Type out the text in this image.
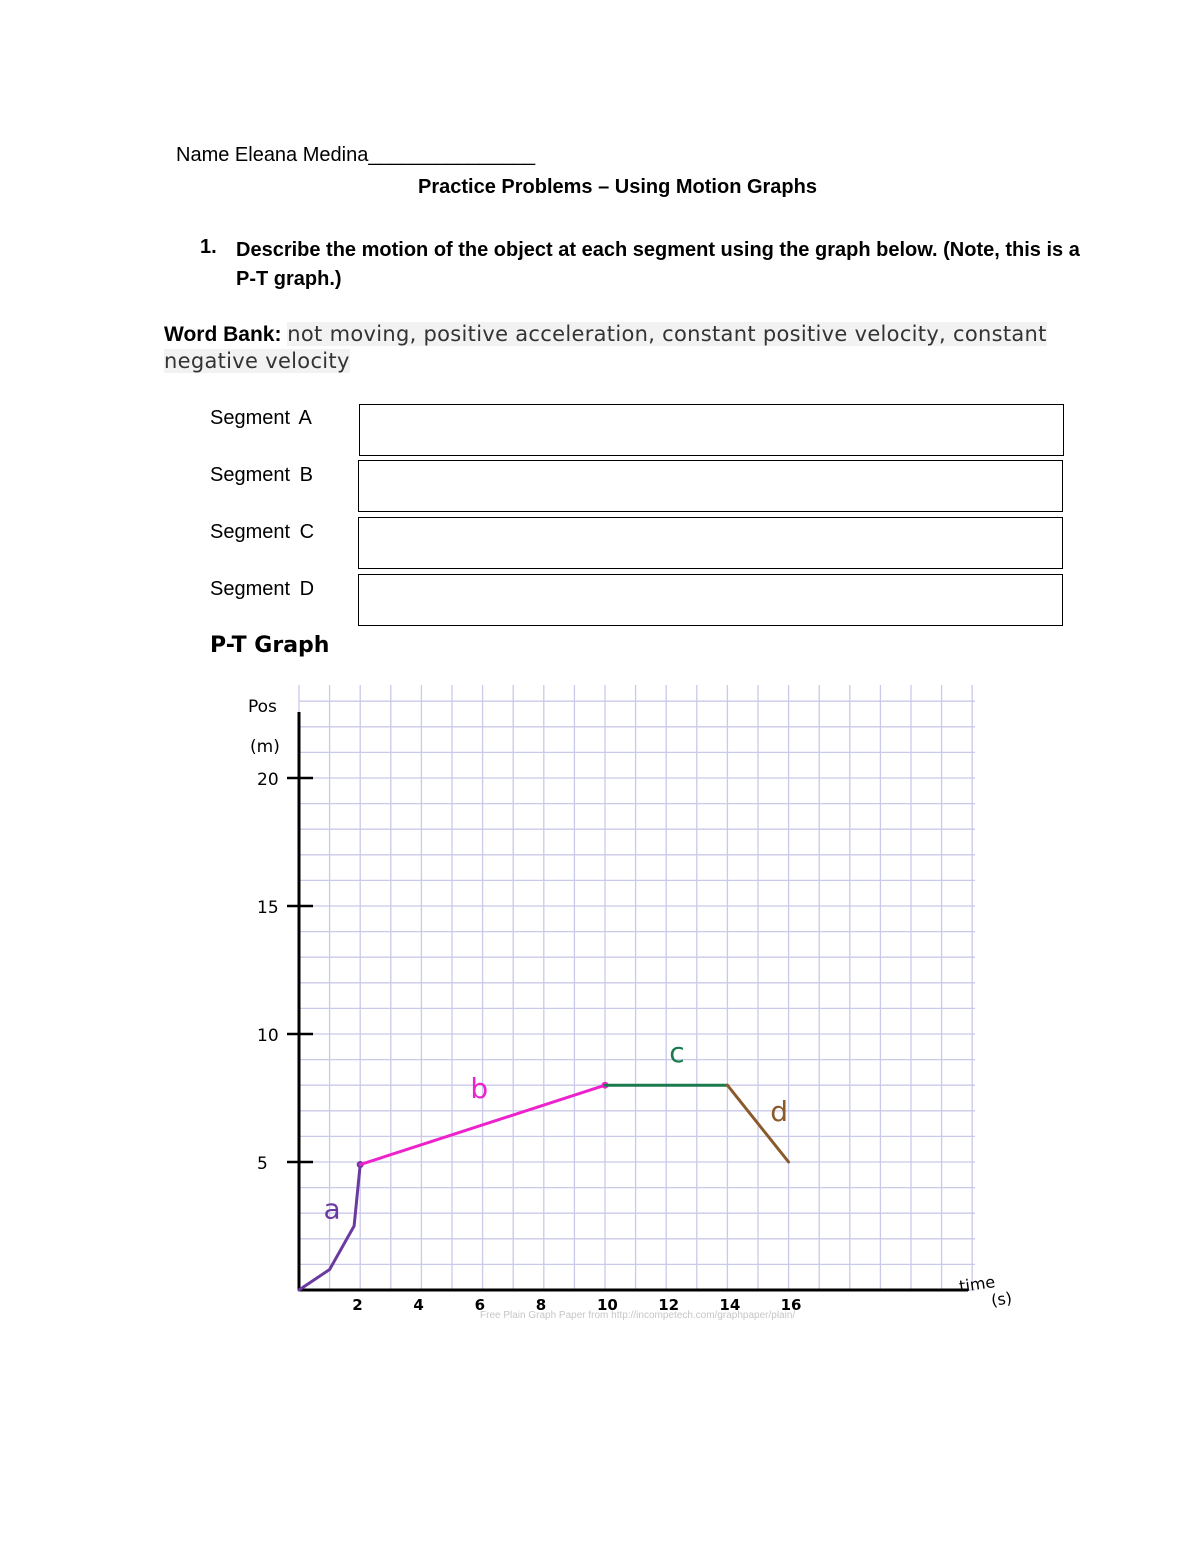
Name Eleana Medina_______________
Practice Problems – Using Motion Graphs
1. Describe the motion of the object at each segment using the graph below. (Note, this is a P-T graph.)
Word Bank: not moving, positive acceleration, constant positive velocity, constant negative velocity
Segment A
Segment B
Segment C
Segment D
P-T Graph
5
10
15
20
2	4	6	8	10	12	14	16
Free Plain Graph Paper from http://incompetech.com/graphpaper/plain/
Pos
(m)
time
(s)
a
b
c
d
